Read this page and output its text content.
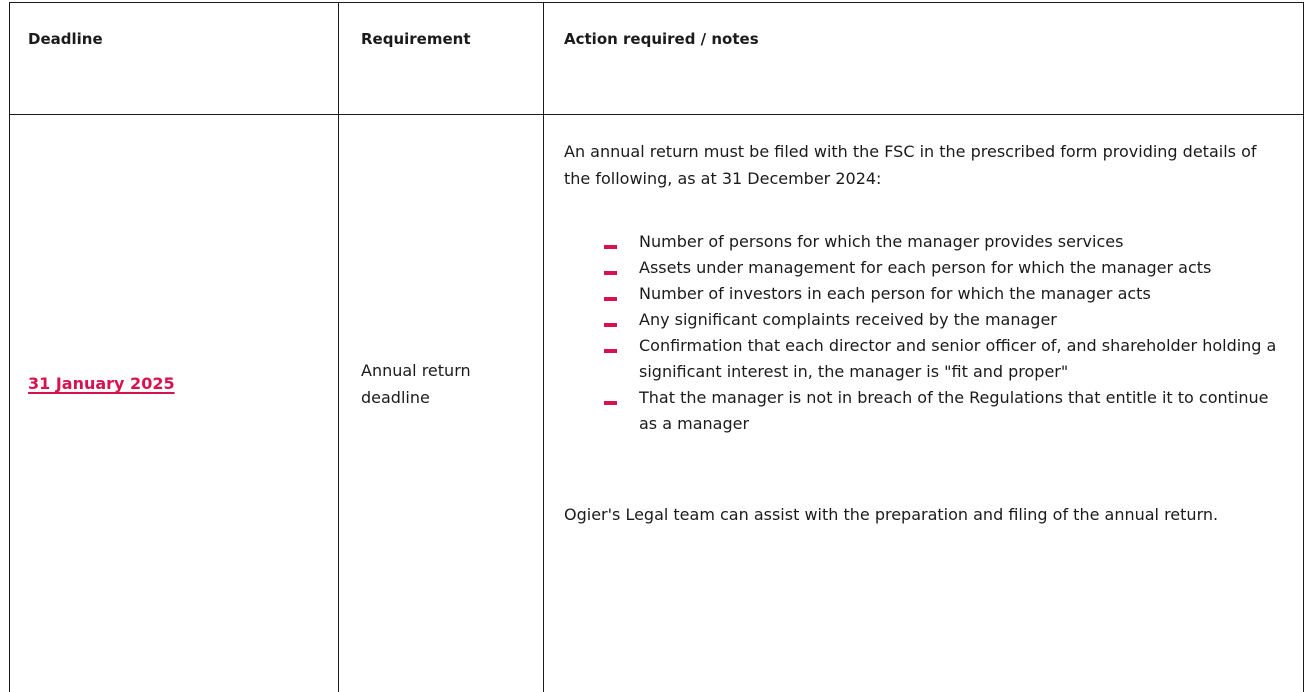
Deadline	Requirement	Action required / notes
31 January 2025
Annual return deadline
An annual return must be filed with the FSC in the prescribed form providing details of the following, as at 31 December 2024:
Number of persons for which the manager provides services
Assets under management for each person for which the manager acts
Number of investors in each person for which the manager acts
Any significant complaints received by the manager
Confirmation that each director and senior officer of, and shareholder holding a significant interest in, the manager is "fit and proper"
That the manager is not in breach of the Regulations that entitle it to continue as a manager
Ogier's Legal team can assist with the preparation and filing of the annual return.
